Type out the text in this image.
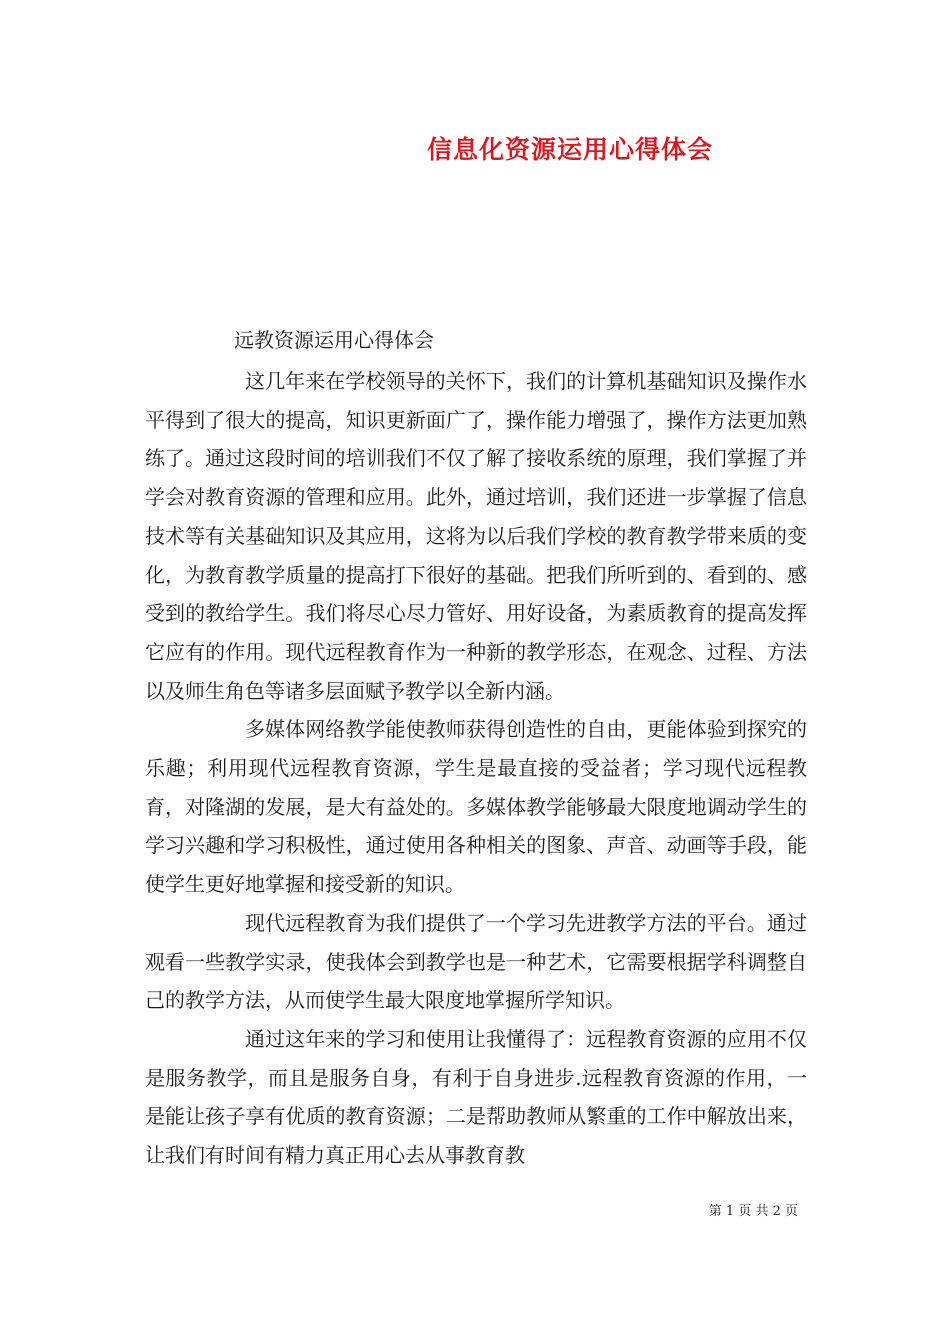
信息化资源运用心得体会

远教资源运用心得体会

这几年来在学校领导的关怀下，我们的计算机基础知识及操作水平得到了很大的提高，知识更新面广了，操作能力增强了，操作方法更加熟练了。通过这段时间的培训我们不仅了解了接收系统的原理，我们掌握了并学会对教育资源的管理和应用。此外，通过培训，我们还进一步掌握了信息技术等有关基础知识及其应用，这将为以后我们学校的教育教学带来质的变化，为教育教学质量的提高打下很好的基础。把我们所听到的、看到的、感受到的教给学生。我们将尽心尽力管好、用好设备，为素质教育的提高发挥它应有的作用。现代远程教育作为一种新的教学形态，在观念、过程、方法以及师生角色等诸多层面赋予教学以全新内涵。

多媒体网络教学能使教师获得创造性的自由，更能体验到探究的乐趣；利用现代远程教育资源，学生是最直接的受益者；学习现代远程教育，对隆湖的发展，是大有益处的。多媒体教学能够最大限度地调动学生的学习兴趣和学习积极性，通过使用各种相关的图象、声音、动画等手段，能使学生更好地掌握和接受新的知识。

现代远程教育为我们提供了一个学习先进教学方法的平台。通过观看一些教学实录，使我体会到教学也是一种艺术，它需要根据学科调整自己的教学方法，从而使学生最大限度地掌握所学知识。

通过这年来的学习和使用让我懂得了：远程教育资源的应用不仅是服务教学，而且是服务自身，有利于自身进步.远程教育资源的作用，一是能让孩子享有优质的教育资源；二是帮助教师从繁重的工作中解放出来，让我们有时间有精力真正用心去从事教育教

第 1 页 共 2 页
